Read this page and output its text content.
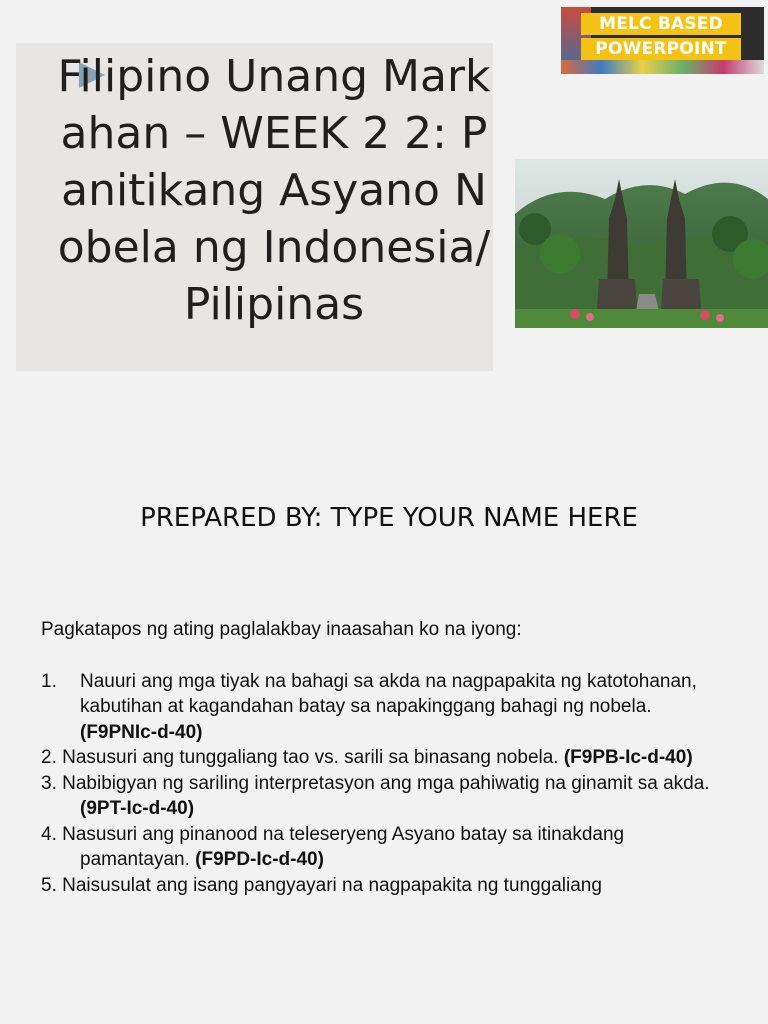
Filipino Unang Markahan – WEEK 2 2: Panitikang Asyano Nobela ng Indonesia/Pilipinas
MELC BASED
POWERPOINT
PREPARED BY: TYPE YOUR NAME HERE

Pagkatapos ng ating paglalakbay inaasahan ko na iyong:

1. Nauuri ang mga tiyak na bahagi sa akda na nagpapakita ng katotohanan, kabutihan at kagandahan batay sa napakinggang bahagi ng nobela. (F9PNIc-d-40)

2. Nasusuri ang tunggaliang tao vs. sarili sa binasang nobela. (F9PB-Ic-d-40)

3. Nabibigyan ng sariling interpretasyon ang mga pahiwatig na ginamit sa akda. (9PT-Ic-d-40)

4. Nasusuri ang pinanood na teleseryeng Asyano batay sa itinakdang pamantayan. (F9PD-Ic-d-40)

5. Naisusulat ang isang pangyayari na nagpapakita ng tunggaliang
